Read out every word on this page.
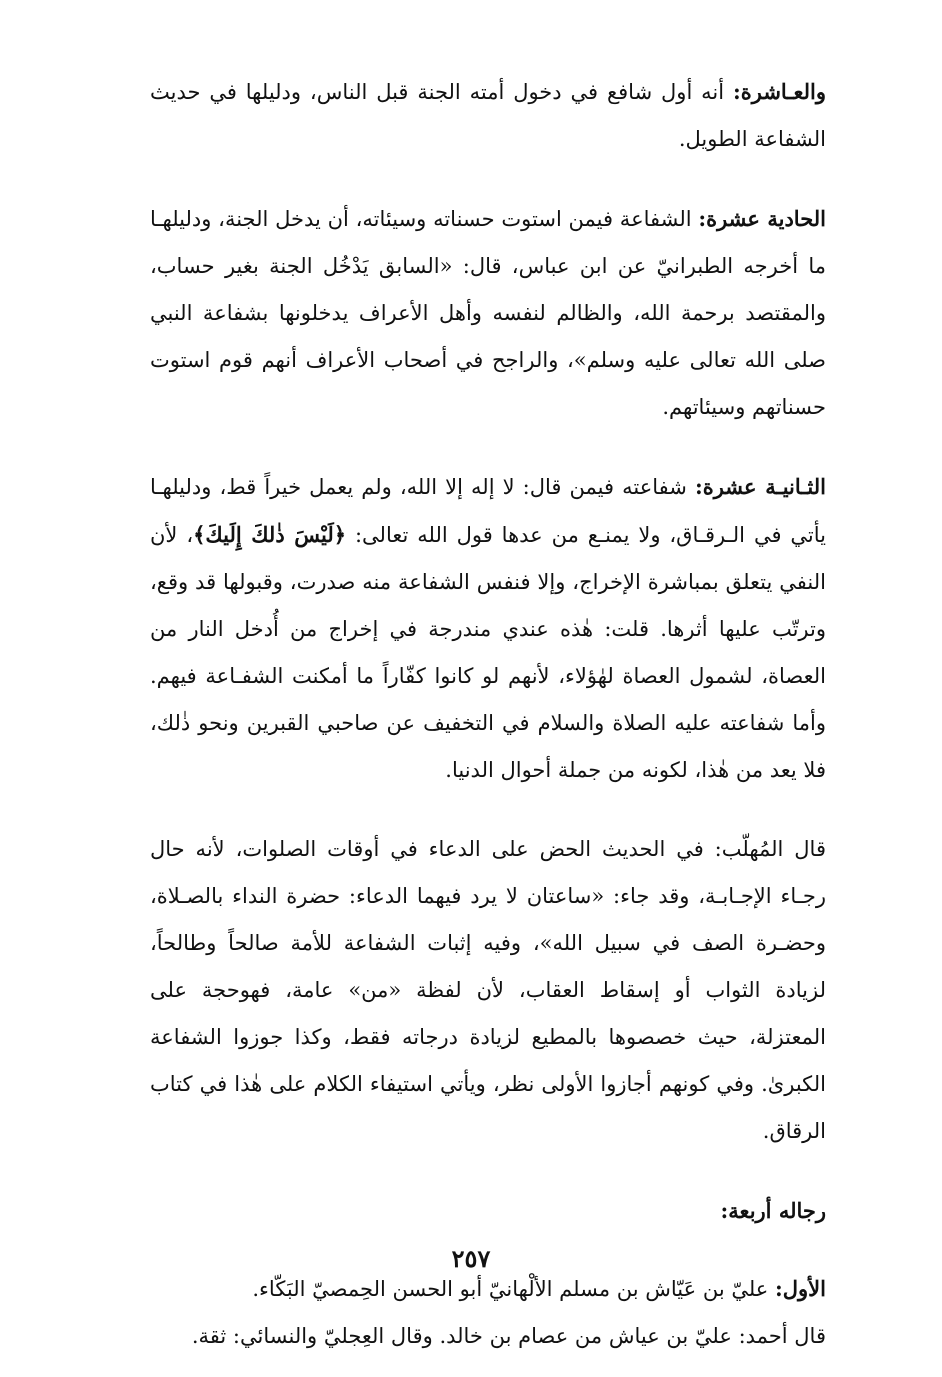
والعـاشرة: أنه أول شافع في دخول أمته الجنة قبل الناس، ودليلها في حديث الشفاعة الطويل.

الحادية عشرة: الشفاعة فيمن استوت حسناته وسيئاته، أن يدخل الجنة، ودليلهـا ما أخرجه الطبرانيّ عن ابن عباس، قال: «السابق يَدْخُل الجنة بغير حساب، والمقتصد برحمة الله، والظالم لنفسه وأهل الأعراف يدخلونها بشفاعة النبي صلى الله تعالى عليه وسلم»، والراجح في أصحاب الأعراف أنهم قوم استوت حسناتهم وسيئاتهم.

الثـانيـة عشرة: شفاعته فيمن قال: لا إله إلا الله، ولم يعمل خيراً قط، ودليلهـا يأتي في الـرقـاق، ولا يمنـع من عدها قول الله تعالى: ﴿لَيْسَ ذٰلكَ إِلَيكَ﴾، لأن النفي يتعلق بمباشرة الإخراج، وإلا فنفس الشفاعة منه صدرت، وقبولها قد وقع، وترتّب عليها أثرها. قلت: هٰذه عندي مندرجة في إخراج من أُدخل النار من العصاة، لشمول العصاة لهٰؤلاء، لأنهم لو كانوا كفّاراً ما أمكنت الشفـاعة فيهم. وأما شفاعته عليه الصلاة والسلام في التخفيف عن صاحبي القبرين ونحو ذٰلك، فلا يعد من هٰذا، لكونه من جملة أحوال الدنيا.

قال المُهلّب: في الحديث الحض على الدعاء في أوقات الصلوات، لأنه حال رجـاء الإجـابـة، وقد جاء: «ساعتان لا يرد فيهما الدعاء: حضرة النداء بالصـلاة، وحضـرة الصف في سبيل الله»، وفيه إثبات الشفاعة للأمة صالحاً وطالحاً، لزيادة الثواب أو إسقاط العقاب، لأن لفظة «من» عامة، فهوحجة على المعتزلة، حيث خصصوها بالمطيع لزيادة درجاته فقط، وكذا جوزوا الشفاعة الكبرىٰ. وفي كونهم أجازوا الأولى نظر، ويأتي استيفاء الكلام على هٰذا في كتاب الرقاق.

رجاله أربعة:

الأول: عليّ بن عَيّاش بن مسلم الألْهانيّ أبو الحسن الحِمصيّ البَكّاء.

قال أحمد: عليّ بن عياش من عصام بن خالد. وقال العِجليّ والنسائي: ثقة.

٢٥٧
